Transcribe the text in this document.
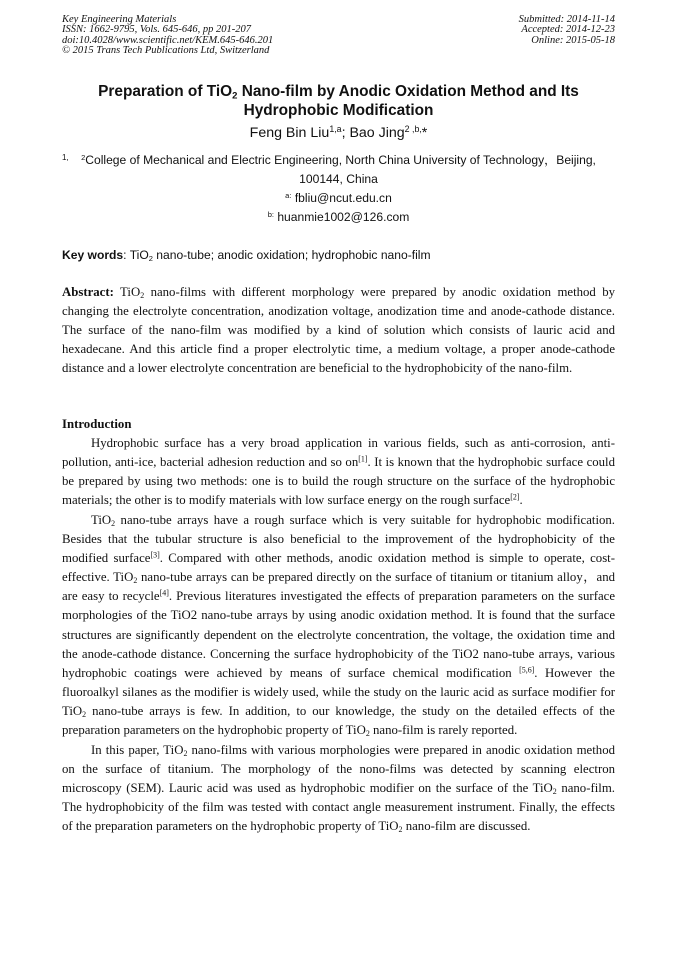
Key Engineering Materials
ISSN: 1662-9795, Vols. 645-646, pp 201-207
doi:10.4028/www.scientific.net/KEM.645-646.201
© 2015 Trans Tech Publications Ltd, Switzerland
Submitted: 2014-11-14
Accepted: 2014-12-23
Online: 2015-05-18
Preparation of TiO$_2$ Nano-film by Anodic Oxidation Method and Its
Hydrophobic Modification
Feng Bin Liu$^{1,a}$; Bao Jing$^{2 ,b,}$*
1,	$^2$College of Mechanical and Electric Engineering, North China University of Technology，Beijing,
100144, China
$^{a:}$ fbliu@ncut.edu.cn
$^{b:}$ huanmie1002@126.com
Key words: TiO$_2$ nano-tube; anodic oxidation; hydrophobic nano-film
Abstract: TiO$_2$ nano-films with different morphology were prepared by anodic oxidation method by changing the electrolyte concentration, anodization voltage, anodization time and anode-cathode distance. The surface of the nano-film was modified by a kind of solution which consists of lauric acid and hexadecane. And this article find a proper electrolytic time, a medium voltage, a proper anode-cathode distance and a lower electrolyte concentration are beneficial to the hydrophobicity of the nano-film.
Introduction

Hydrophobic surface has a very broad application in various fields, such as anti-corrosion, anti-pollution, anti-ice, bacterial adhesion reduction and so on[1]. It is known that the hydrophobic surface could be prepared by using two methods: one is to build the rough structure on the surface of the hydrophobic materials; the other is to modify materials with low surface energy on the rough surface[2].

TiO$_2$ nano-tube arrays have a rough surface which is very suitable for hydrophobic modification. Besides that the tubular structure is also beneficial to the improvement of the hydrophobicity of the modified surface[3]. Compared with other methods, anodic oxidation method is simple to operate, cost-effective. TiO$_2$ nano-tube arrays can be prepared directly on the surface of titanium or titanium alloy，and are easy to recycle[4]. Previous literatures investigated the effects of preparation parameters on the surface morphologies of the TiO2 nano-tube arrays by using anodic oxidation method. It is found that the surface structures are significantly dependent on the electrolyte concentration, the voltage, the oxidation time and the anode-cathode distance. Concerning the surface hydrophobicity of the TiO2 nano-tube arrays, various hydrophobic coatings were achieved by means of surface chemical modification [5,6]. However the fluoroalkyl silanes as the modifier is widely used, while the study on the lauric acid as surface modifier for TiO$_2$ nano-tube arrays is few. In addition, to our knowledge, the study on the detailed effects of the preparation parameters on the hydrophobic property of TiO$_2$ nano-film is rarely reported.

In this paper, TiO$_2$ nano-films with various morphologies were prepared in anodic oxidation method on the surface of titanium. The morphology of the nono-films was detected by scanning electron microscopy (SEM). Lauric acid was used as hydrophobic modifier on the surface of the TiO$_2$ nano-film. The hydrophobicity of the film was tested with contact angle measurement instrument. Finally, the effects of the preparation parameters on the hydrophobic property of TiO$_2$ nano-film are discussed.
